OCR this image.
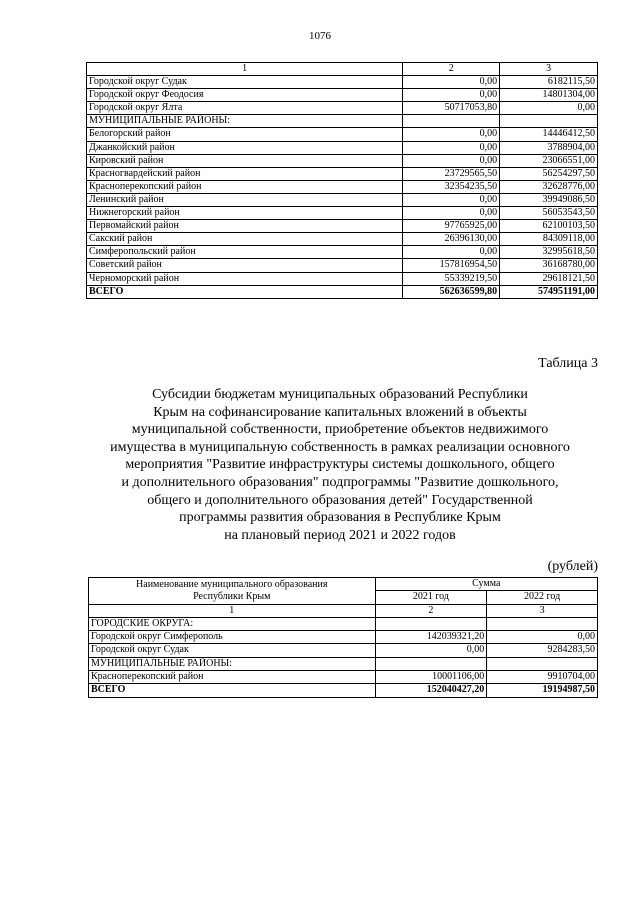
1076
1	2	3
Городской округ Судак	0,00	6182115,50
Городской округ Феодосия	0,00	14801304,00
Городской округ Ялта	50717053,80	0,00
МУНИЦИПАЛЬНЫЕ РАЙОНЫ:		
Белогорский район	0,00	14446412,50
Джанкойский район	0,00	3788904,00
Кировский район	0,00	23066551,00
Красногвардейский район	23729565,50	56254297,50
Красноперекопский район	32354235,50	32628776,00
Ленинский район	0,00	39949086,50
Нижнегорский район	0,00	56053543,50
Первомайский район	97765925,00	62100103,50
Сакский район	26396130,00	84309118,00
Симферопольский район	0,00	32995618,50
Советский район	157816954,50	36168780,00
Черноморский район	55339219,50	29618121,50
ВСЕГО	562636599,80	574951191,00
Таблица 3
Субсидии бюджетам муниципальных образований Республики
Крым на софинансирование капитальных вложений в объекты
муниципальной собственности, приобретение объектов недвижимого
имущества в муниципальную собственность в рамках реализации основного
мероприятия "Развитие инфраструктуры системы дошкольного, общего
и дополнительного образования" подпрограммы "Развитие дошкольного,
общего и дополнительного образования детей" Государственной
программы развития образования в Республике Крым
на плановый период 2021 и 2022 годов
(рублей)
Наименование муниципального образования
Республики Крым	Сумма	
	2021 год	2022 год
1	2	3
ГОРОДСКИЕ ОКРУГА:		
Городской округ Симферополь	142039321,20	0,00
Городской округ Судак	0,00	9284283,50
МУНИЦИПАЛЬНЫЕ РАЙОНЫ:		
Красноперекопский район	10001106,00	9910704,00
ВСЕГО	152040427,20	19194987,50
